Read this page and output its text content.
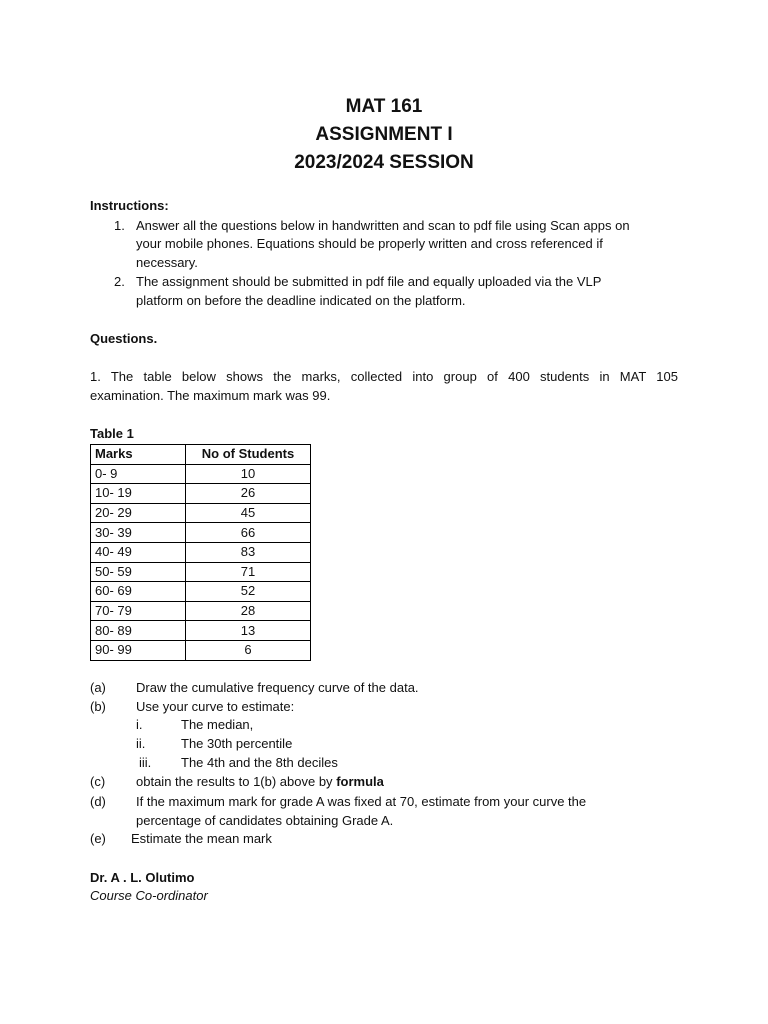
MAT 161
ASSIGNMENT I
2023/2024 SESSION
Instructions:
1. Answer all the questions below in handwritten and scan to pdf file using Scan apps on
your mobile phones. Equations should be properly written and cross referenced if
necessary.
2. The assignment should be submitted in pdf file and equally uploaded via the VLP
platform on before the deadline indicated on the platform.
Questions.
1. The table below shows the marks, collected into group of 400 students in MAT 105
examination. The maximum mark was 99.
Table 1
Marks	No of Students
0- 9	10
10- 19	26
20- 29	45
30- 39	66
40- 49	83
50- 59	71
60- 69	52
70- 79	28
80- 89	13
90- 99	6
(a) Draw the cumulative frequency curve of the data.
(b) Use your curve to estimate:
i.	The median,
ii.	The 30th percentile
iii. The 4th and the 8th deciles
(c) obtain the results to 1(b) above by formula
(d) If the maximum mark for grade A was fixed at 70, estimate from your curve the
percentage of candidates obtaining Grade A.
(e) Estimate the mean mark
Dr. A . L. Olutimo
Course Co-ordinator
